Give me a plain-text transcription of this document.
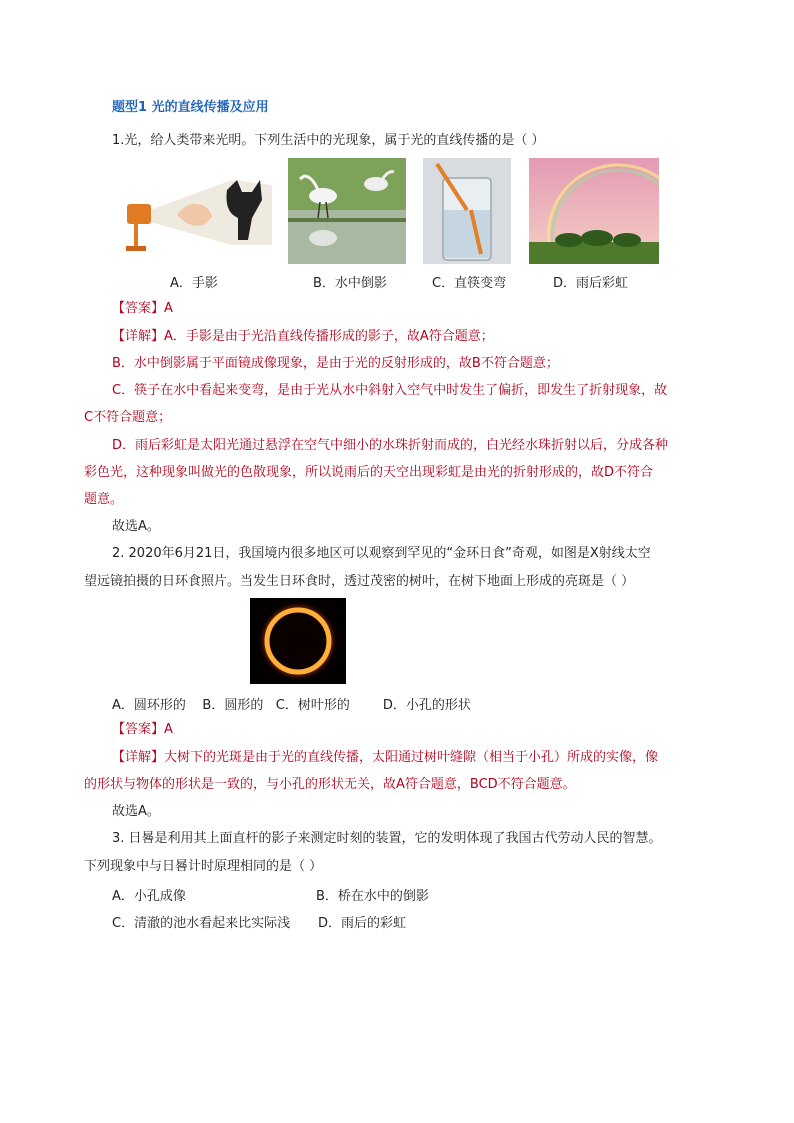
题型1 光的直线传播及应用
1.光，给人类带来光明。下列生活中的光现象，属于光的直线传播的是（ ）
A．手影	B．水中倒影	C．直筷变弯	D．雨后彩虹
【答案】A
【详解】A．手影是由于光沿直线传播形成的影子，故A符合题意；
B．水中倒影属于平面镜成像现象，是由于光的反射形成的，故B不符合题意；
C．筷子在水中看起来变弯，是由于光从水中斜射入空气中时发生了偏折，即发生了折射现象，故
C不符合题意；
D．雨后彩虹是太阳光通过悬浮在空气中细小的水珠折射而成的，白光经水珠折射以后，分成各种
彩色光，这种现象叫做光的色散现象，所以说雨后的天空出现彩虹是由光的折射形成的，故D不符合
题意。
故选A。
2. 2020年6月21日，我国境内很多地区可以观察到罕见的“金环日食”奇观，如图是X射线太空
望远镜拍摄的日环食照片。当发生日环食时，透过茂密的树叶，在树下地面上形成的亮斑是（ ）
A．圆环形的    B．圆形的   C．树叶形的        D．小孔的形状
【答案】A
【详解】大树下的光斑是由于光的直线传播，太阳通过树叶缝隙（相当于小孔）所成的实像，像
的形状与物体的形状是一致的，与小孔的形状无关，故A符合题意，BCD不符合题意。
故选A。
3. 日晷是利用其上面直杆的影子来测定时刻的装置，它的发明体现了我国古代劳动人民的智慧。
下列现象中与日晷计时原理相同的是（ ）
A．小孔成像	B．桥在水中的倒影
C．清澈的池水看起来比实际浅 D．雨后的彩虹
